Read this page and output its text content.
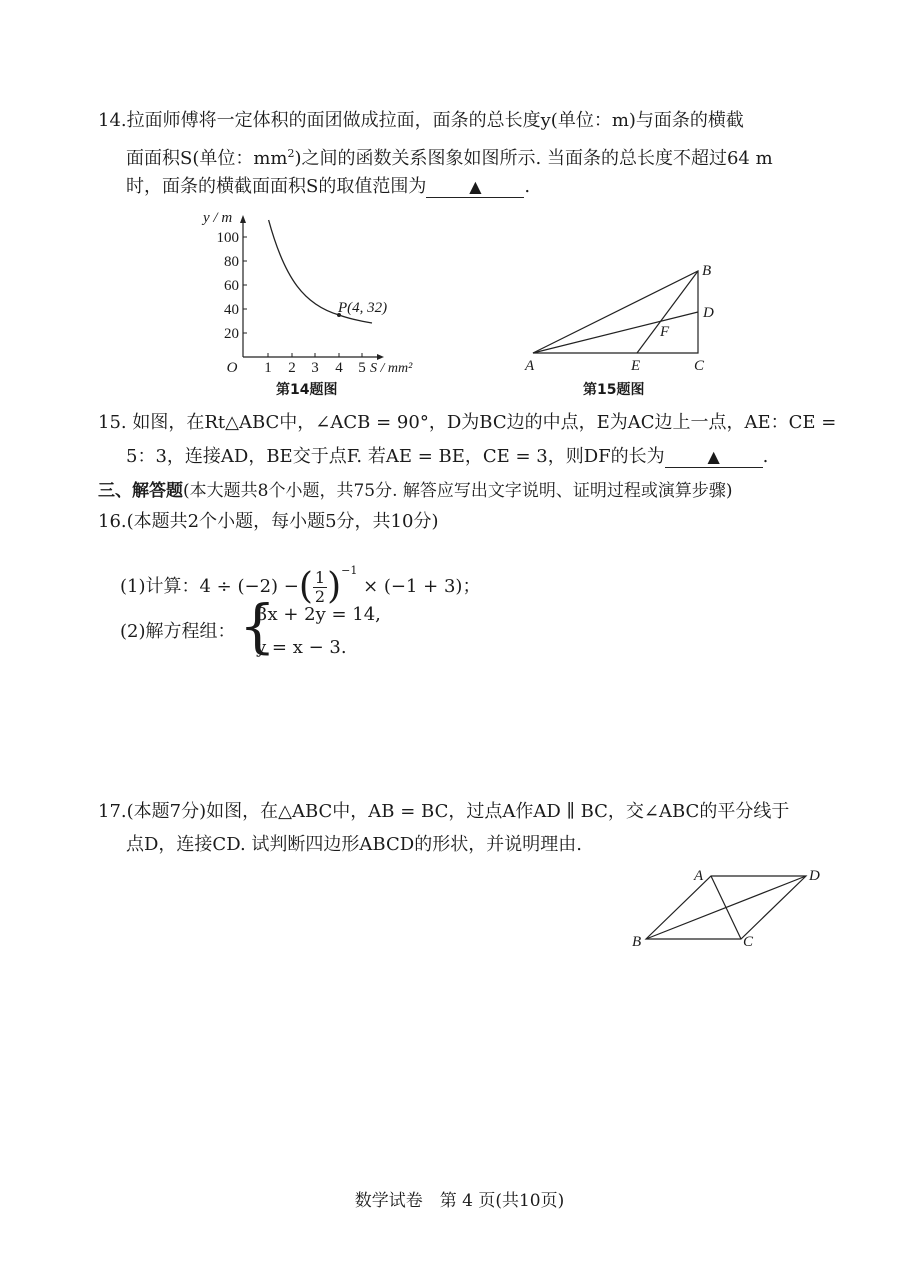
14.拉面师傅将一定体积的面团做成拉面，面条的总长度y(单位：m)与面条的横截
面面积S(单位：$mm^2$)之间的函数关系图象如图所示. 当面条的总长度不超过64 m
时，面条的横截面面积S的取值范围为	▲ .
100
80
60
40
20
1 2 3 4 5
O
y / m
S / mm²
P(4, 32)
第14题图
A
B
C
D
E
F
第15题图
15. 如图，在Rt△ABC中，∠ACB = 90°，D为BC边的中点，E为AC边上一点，AE：CE =
5：3，连接AD，BE交于点F. 若AE = BE，CE = 3，则DF的长为	▲ .
三、解答题(本大题共8个小题，共75分. 解答应写出文字说明、证明过程或演算步骤)
16.(本题共2个小题，每小题5分，共10分)
(1)计算：4 ÷ (−2) −( $\frac{1}{2} )^{-1} \times (-1 + 3)$；
(2)解方程组： {
3x + 2y = 14,
y = x − 3.
17.(本题7分)如图，在△ABC中，AB = BC，过点A作AD ∥ BC，交∠ABC的平分线于
点D，连接CD. 试判断四边形ABCD的形状，并说明理由.
A
B	C
D
数学试卷　第 4 页(共10页)
